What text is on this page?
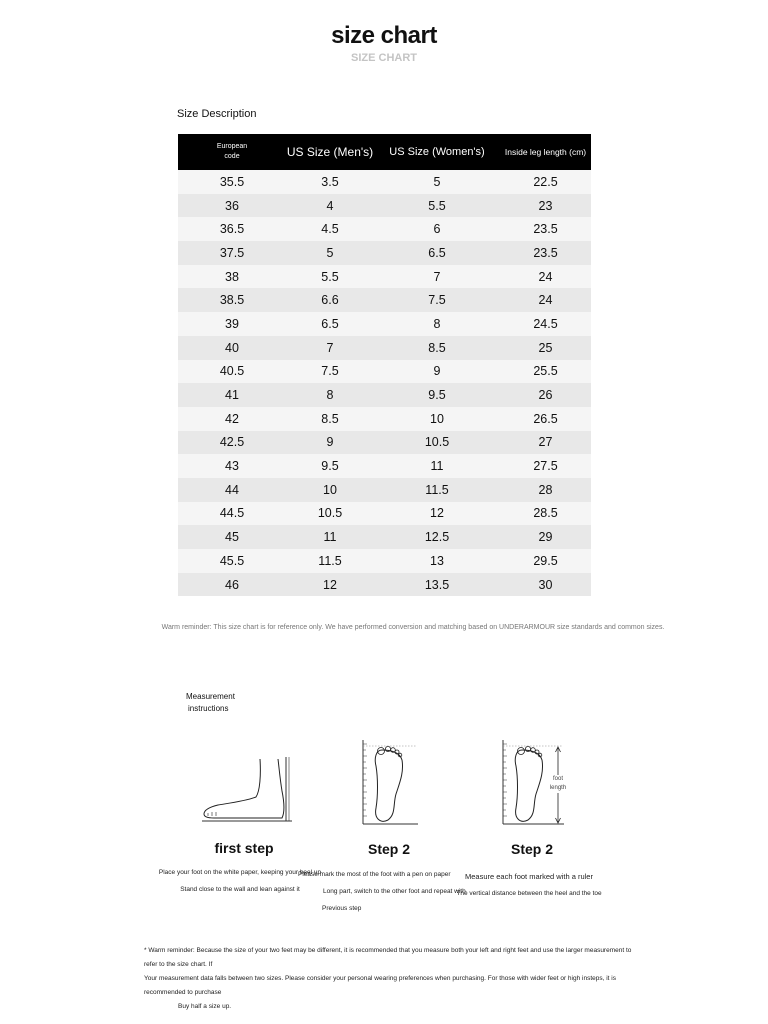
size chart
SIZE CHART
Size Description
European
code	US Size (Men's)	US Size (Women's)	Inside leg length (cm)
35.5	3.5	5	22.5
36	4	5.5	23
36.5	4.5	6	23.5
37.5	5	6.5	23.5
38	5.5	7	24
38.5	6.6	7.5	24
39	6.5	8	24.5
40	7	8.5	25
40.5	7.5	9	25.5
41	8	9.5	26
42	8.5	10	26.5
42.5	9	10.5	27
43	9.5	11	27.5
44	10	11.5	28
44.5	10.5	12	28.5
45	11	12.5	29
45.5	11.5	13	29.5
46	12	13.5	30
Warm reminder: This size chart is for reference only. We have performed conversion and matching based on UNDERARMOUR size standards and common sizes.
Measurement
instructions
foot
length
first step
Place your foot on the white paper, keeping your heel up
Stand close to the wall and lean against it
Step 2
Please mark the most of the foot with a pen on paper
Long part, switch to the other foot and repeat with
Previous step
Step 2
Measure each foot marked with a ruler
The vertical distance between the heel and the toe
* Warm reminder: Because the size of your two feet may be different, it is recommended that you measure both your left and right feet and use the larger measurement to refer to the size chart. If
Your measurement data falls between two sizes. Please consider your personal wearing preferences when purchasing. For those with wider feet or high insteps, it is recommended to purchase
Buy half a size up.
